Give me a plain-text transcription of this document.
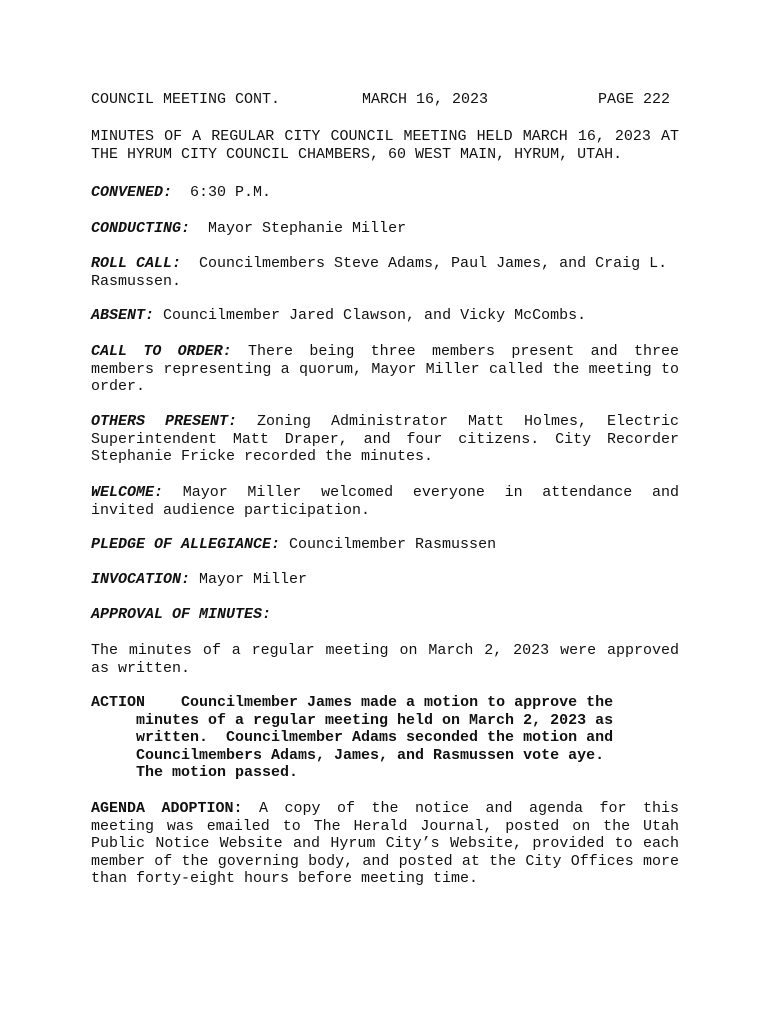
COUNCIL MEETING CONT.	MARCH 16, 2023	PAGE 222
MINUTES OF A REGULAR CITY COUNCIL MEETING HELD MARCH 16, 2023 AT
THE HYRUM CITY COUNCIL CHAMBERS, 60 WEST MAIN, HYRUM, UTAH.
CONVENED:  6:30 P.M.
CONDUCTING:  Mayor Stephanie Miller
ROLL CALL:  Councilmembers Steve Adams, Paul James, and Craig L.
Rasmussen.
ABSENT: Councilmember Jared Clawson, and Vicky McCombs.
CALL TO ORDER: There being three members present and three
members representing a quorum, Mayor Miller called the meeting to
order.
OTHERS PRESENT: Zoning Administrator Matt Holmes, Electric
Superintendent Matt Draper, and four citizens. City Recorder
Stephanie Fricke recorded the minutes.
WELCOME: Mayor Miller welcomed everyone in attendance and
invited audience participation.
PLEDGE OF ALLEGIANCE: Councilmember Rasmussen
INVOCATION: Mayor Miller
APPROVAL OF MINUTES:
The minutes of a regular meeting on March 2, 2023 were approved
as written.
ACTION    Councilmember James made a motion to approve the
minutes of a regular meeting held on March 2, 2023 as
written.  Councilmember Adams seconded the motion and
Councilmembers Adams, James, and Rasmussen vote aye.
The motion passed.
AGENDA ADOPTION: A copy of the notice and agenda for this
meeting was emailed to The Herald Journal, posted on the Utah
Public Notice Website and Hyrum City’s Website, provided to each
member of the governing body, and posted at the City Offices more
than forty-eight hours before meeting time.
